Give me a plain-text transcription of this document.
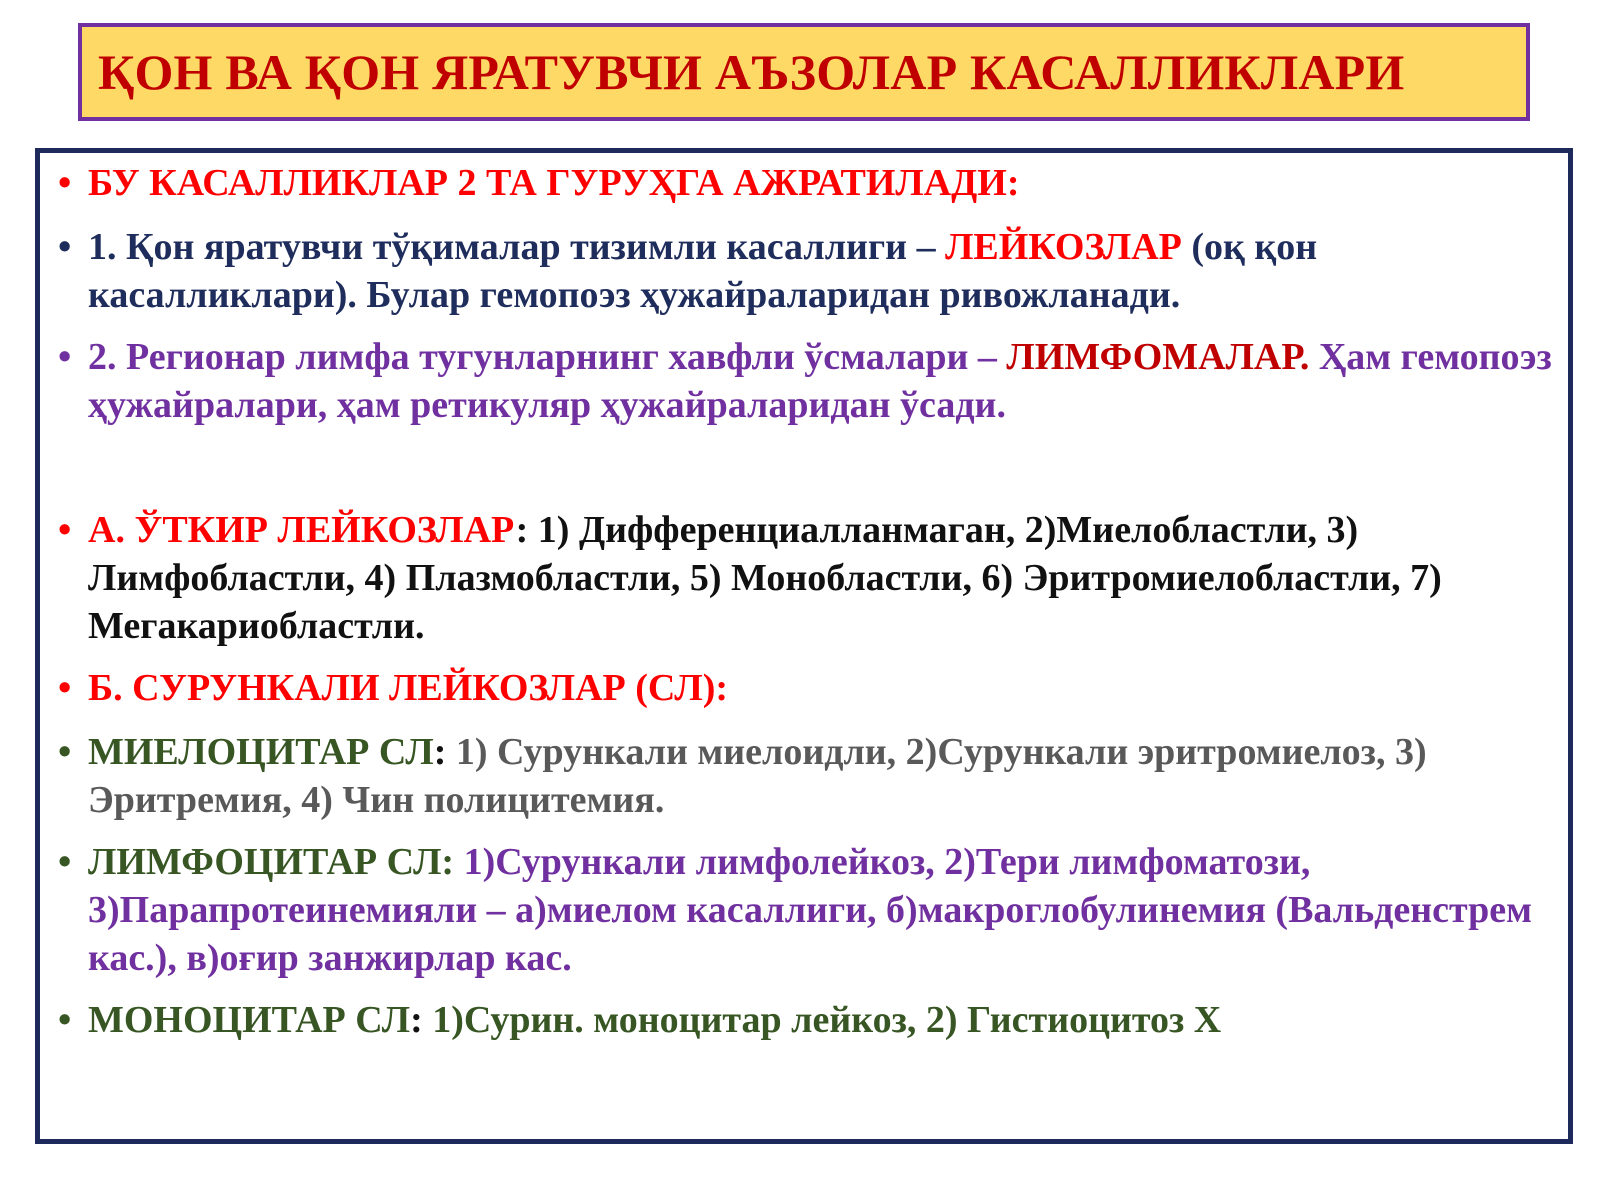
ҚОН ВА ҚОН ЯРАТУВЧИ АЪЗОЛАР КАСАЛЛИКЛАРИ
• БУ КАСАЛЛИКЛАР 2 ТА ГУРУҲГА АЖРАТИЛАДИ:
• 1. Қон яратувчи тўқималар тизимли касаллиги – ЛЕЙКОЗЛАР (оқ қон касалликлари). Булар гемопоэз ҳужайраларидан ривожланади.
• 2. Регионар лимфа тугунларнинг хавфли ўсмалари – ЛИМФОМАЛАР. Ҳам гемопоэз ҳужайралари, ҳам ретикуляр ҳужайраларидан ўсади.
• А. ЎТКИР ЛЕЙКОЗЛАР: 1) Дифференциалланмаган, 2)Миелобластли, 3) Лимфобластли, 4) Плазмобластли, 5) Монобластли, 6) Эритромиелобластли, 7) Мегакариобластли.
• Б. СУРУНКАЛИ ЛЕЙКОЗЛАР (СЛ):
• МИЕЛОЦИТАР СЛ: 1) Сурункали миелоидли, 2)Сурункали эритромиелоз, 3) Эритремия, 4) Чин полицитемия.
• ЛИМФОЦИТАР СЛ: 1)Сурункали лимфолейкоз, 2)Тери лимфоматози, 3)Парапротеинемияли – а)миелом касаллиги, б)макроглобулинемия (Вальденстрем кас.), в)оғир занжирлар кас.
• МОНОЦИТАР СЛ: 1)Сурин. моноцитар лейкоз, 2) Гистиоцитоз Х
